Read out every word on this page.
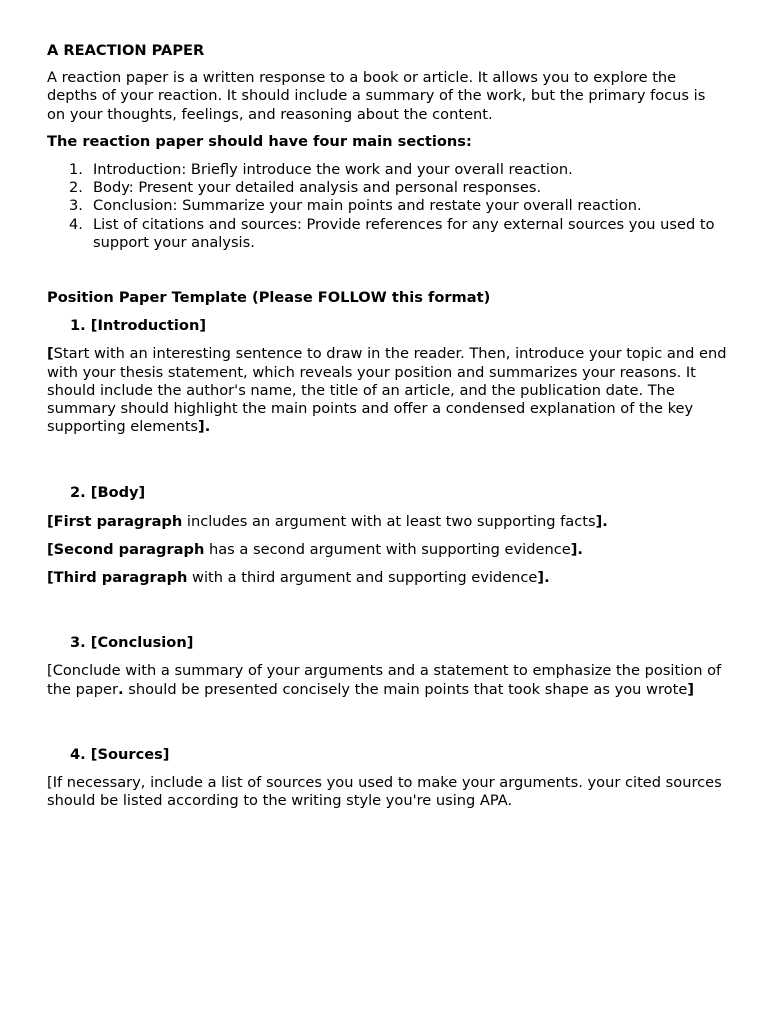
A REACTION PAPER

A reaction paper is a written response to a book or article. It allows you to explore the depths of your reaction. It should include a summary of the work, but the primary focus is on your thoughts, feelings, and reasoning about the content.

The reaction paper should have four main sections:

1. Introduction: Briefly introduce the work and your overall reaction.
2. Body: Present your detailed analysis and personal responses.
3. Conclusion: Summarize your main points and restate your overall reaction.
4. List of citations and sources: Provide references for any external sources you used to support your analysis.

Position Paper Template (Please FOLLOW this format)

1. [Introduction]

[Start with an interesting sentence to draw in the reader. Then, introduce your topic and end with your thesis statement, which reveals your position and summarizes your reasons. It should include the author's name, the title of an article, and the publication date. The summary should highlight the main points and offer a condensed explanation of the key supporting elements].

2. [Body]

[First paragraph includes an argument with at least two supporting facts].

[Second paragraph has a second argument with supporting evidence].

[Third paragraph with a third argument and supporting evidence].

3. [Conclusion]

[Conclude with a summary of your arguments and a statement to emphasize the position of the paper. should be presented concisely the main points that took shape as you wrote]

4. [Sources]

[If necessary, include a list of sources you used to make your arguments. your cited sources should be listed according to the writing style you're using APA.
